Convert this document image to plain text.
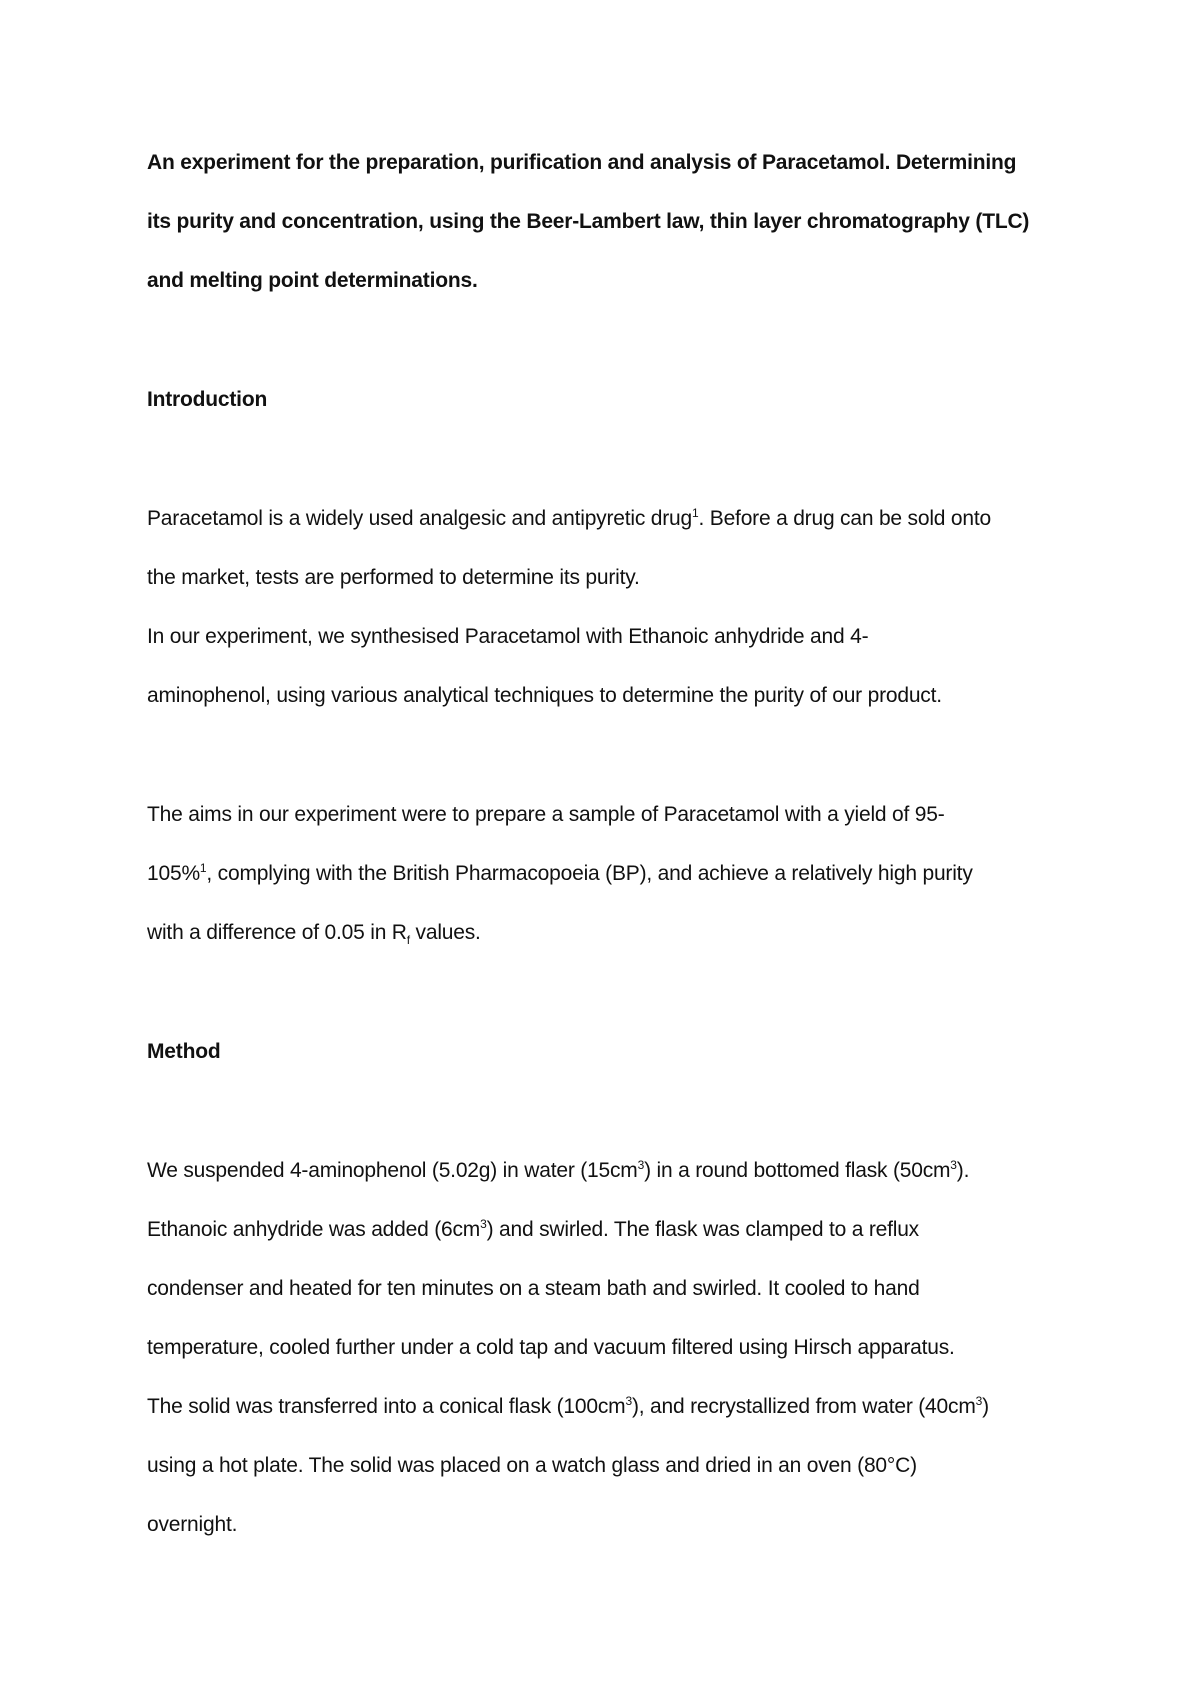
An experiment for the preparation, purification and analysis of Paracetamol. Determining
its purity and concentration, using the Beer-Lambert law, thin layer chromatography (TLC)
and melting point determinations.
Introduction
Paracetamol is a widely used analgesic and antipyretic drug$^1$. Before a drug can be sold onto
the market, tests are performed to determine its purity.
In our experiment, we synthesised Paracetamol with Ethanoic anhydride and 4-
aminophenol, using various analytical techniques to determine the purity of our product.
The aims in our experiment were to prepare a sample of Paracetamol with a yield of 95-
105%$^1$, complying with the British Pharmacopoeia (BP), and achieve a relatively high purity
with a difference of 0.05 in $R_f$ values.
Method
We suspended 4-aminophenol (5.02g) in water $(15cm^3)$ in a round bottomed flask $(50cm^3)$.
Ethanoic anhydride was added $(6cm^3)$ and swirled. The flask was clamped to a reflux
condenser and heated for ten minutes on a steam bath and swirled. It cooled to hand
temperature, cooled further under a cold tap and vacuum filtered using Hirsch apparatus.
The solid was transferred into a conical flask $(100cm^3)$, and recrystallized from water $(40cm^3)$
using a hot plate. The solid was placed on a watch glass and dried in an oven (80°C)
overnight.
